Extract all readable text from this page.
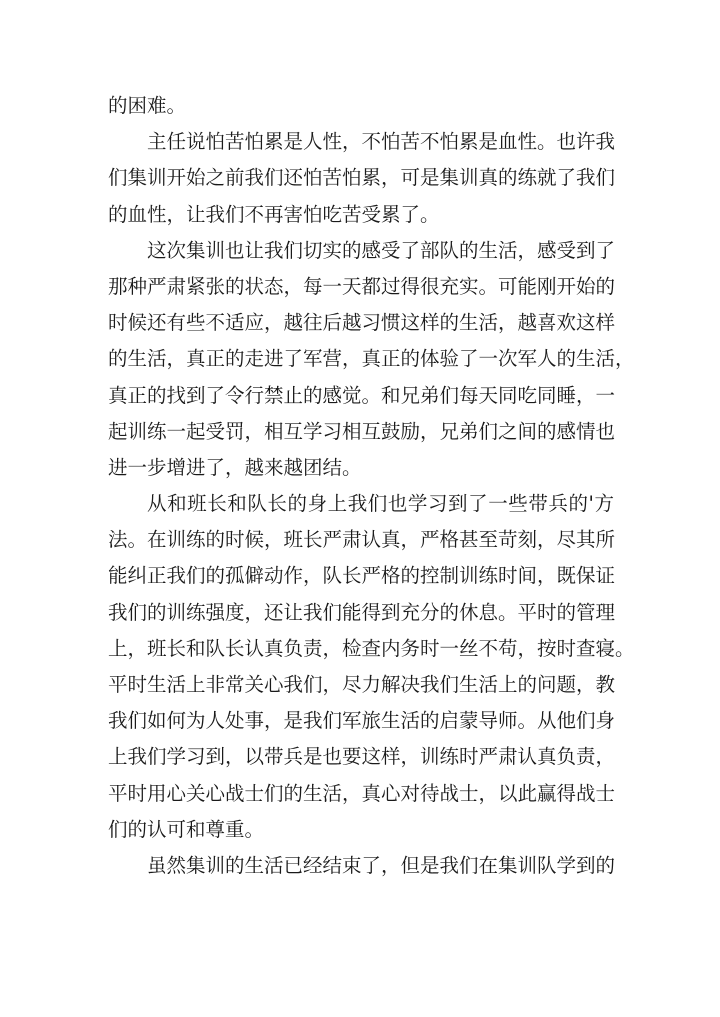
的困难。
主任说怕苦怕累是人性，不怕苦不怕累是血性。也许我
们集训开始之前我们还怕苦怕累，可是集训真的练就了我们
的血性，让我们不再害怕吃苦受累了。
这次集训也让我们切实的感受了部队的生活，感受到了
那种严肃紧张的状态，每一天都过得很充实。可能刚开始的
时候还有些不适应，越往后越习惯这样的生活，越喜欢这样
的生活，真正的走进了军营，真正的体验了一次军人的生活，
真正的找到了令行禁止的感觉。和兄弟们每天同吃同睡，一
起训练一起受罚，相互学习相互鼓励，兄弟们之间的感情也
进一步增进了，越来越团结。
从和班长和队长的身上我们也学习到了一些带兵的'方
法。在训练的时候，班长严肃认真，严格甚至苛刻，尽其所
能纠正我们的孤僻动作，队长严格的控制训练时间，既保证
我们的训练强度，还让我们能得到充分的休息。平时的管理
上，班长和队长认真负责，检查内务时一丝不苟，按时查寝。
平时生活上非常关心我们，尽力解决我们生活上的问题，教
我们如何为人处事，是我们军旅生活的启蒙导师。从他们身
上我们学习到，以带兵是也要这样，训练时严肃认真负责，
平时用心关心战士们的生活，真心对待战士，以此赢得战士
们的认可和尊重。
虽然集训的生活已经结束了，但是我们在集训队学到的
